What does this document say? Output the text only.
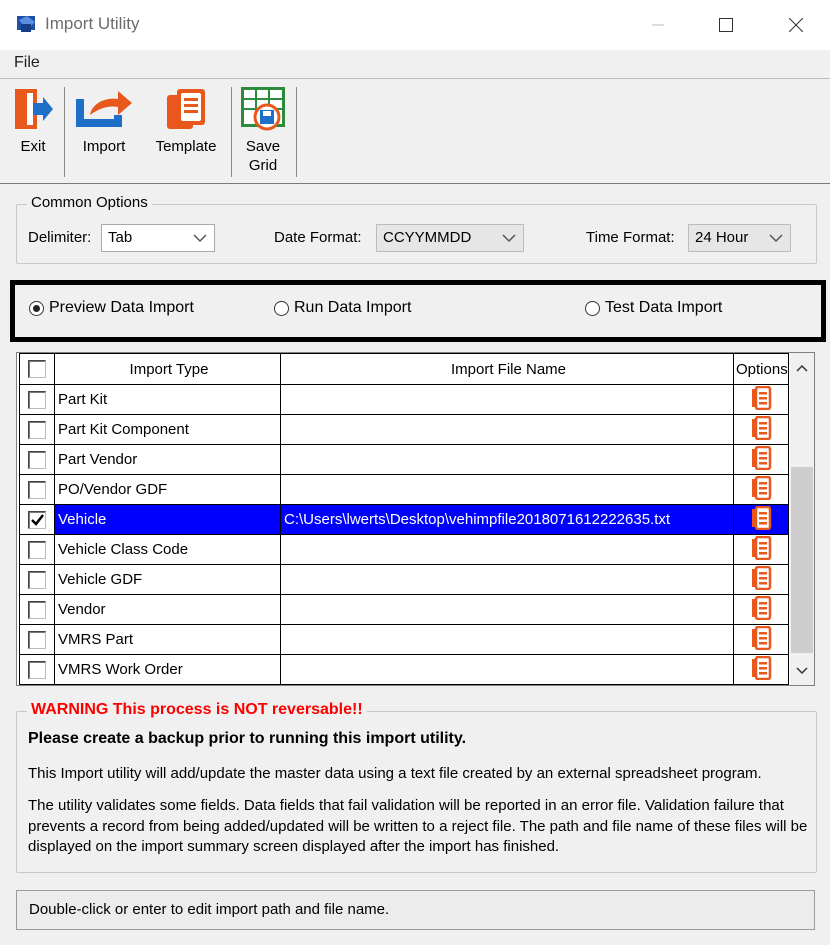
Import Utility
File
Exit	Import	Template	Save
Grid
Common Options
Delimiter:	Tab	Date Format:	CCYYMMDD	Time Format:	24 Hour
Preview Data Import	Run Data Import	Test Data Import
	Import Type	Import File Name	Options

	Part Kit		

	Part Kit Component		

	Part Vendor		

	PO/Vendor GDF		

	Vehicle	C:\Users\lwerts\Desktop\vehimpfile2018071612222635.txt	

	Vehicle Class Code		

	Vehicle GDF		

	Vendor		

	VMRS Part		

	VMRS Work Order		
WARNING This process is NOT reversable!!
Please create a backup prior to running this import utility.
This Import utility will add/update the master data using a text file created by an external spreadsheet program.
The utility validates some fields. Data fields that fail validation will be reported in an error file. Validation failure that prevents a record from being added/updated will be written to a reject file. The path and file name of these files will be displayed on the import summary screen displayed after the import has finished.
Double-click or enter to edit import path and file name.
